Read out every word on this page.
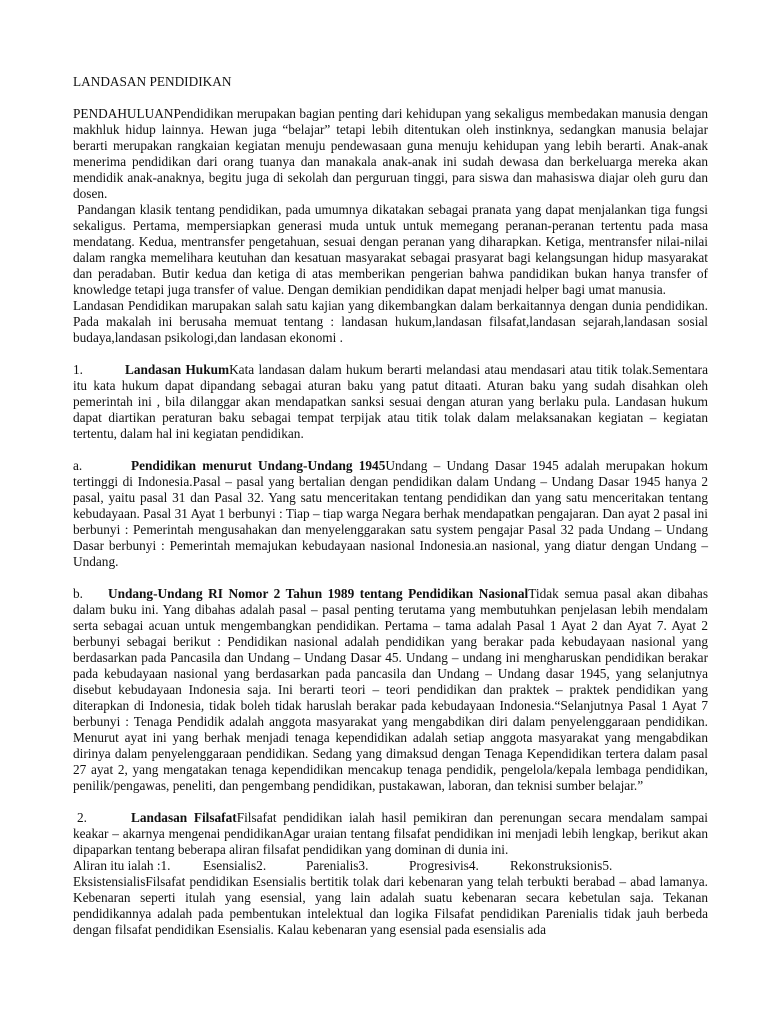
LANDASAN PENDIDIKAN

PENDAHULUANPendidikan merupakan bagian penting dari kehidupan yang sekaligus membedakan manusia dengan makhluk hidup lainnya. Hewan juga “belajar” tetapi lebih ditentukan oleh instinknya, sedangkan manusia belajar berarti merupakan rangkaian kegiatan menuju pendewasaan guna menuju kehidupan yang lebih berarti. Anak-anak menerima pendidikan dari orang tuanya dan manakala anak-anak ini sudah dewasa dan berkeluarga mereka akan mendidik anak-anaknya, begitu juga di sekolah dan perguruan tinggi, para siswa dan mahasiswa diajar oleh guru dan dosen.

Pandangan klasik tentang pendidikan, pada umumnya dikatakan sebagai pranata yang dapat menjalankan tiga fungsi sekaligus. Pertama, mempersiapkan generasi muda untuk untuk memegang peranan-peranan tertentu pada masa mendatang. Kedua, mentransfer pengetahuan, sesuai dengan peranan yang diharapkan. Ketiga, mentransfer nilai-nilai dalam rangka memelihara keutuhan dan kesatuan masyarakat sebagai prasyarat bagi kelangsungan hidup masyarakat dan peradaban. Butir kedua dan ketiga di atas memberikan pengerian bahwa pandidikan bukan hanya transfer of knowledge tetapi juga transfer of value. Dengan demikian pendidikan dapat menjadi helper bagi umat manusia.

Landasan Pendidikan marupakan salah satu kajian yang dikembangkan dalam berkaitannya dengan dunia pendidikan. Pada makalah ini berusaha memuat tentang : landasan hukum,landasan filsafat,landasan sejarah,landasan sosial budaya,landasan psikologi,dan landasan ekonomi .

1.	Landasan HukumKata landasan dalam hukum berarti melandasi atau mendasari atau titik tolak.Sementara itu kata hukum dapat dipandang sebagai aturan baku yang patut ditaati. Aturan baku yang sudah disahkan oleh pemerintah ini , bila dilanggar akan mendapatkan sanksi sesuai dengan aturan yang berlaku pula. Landasan hukum dapat diartikan peraturan baku sebagai tempat terpijak atau titik tolak dalam melaksanakan kegiatan – kegiatan tertentu, dalam hal ini kegiatan pendidikan.

a.	Pendidikan menurut Undang-Undang 1945Undang – Undang Dasar 1945 adalah merupakan hokum tertinggi di Indonesia.Pasal – pasal yang bertalian dengan pendidikan dalam Undang – Undang Dasar 1945 hanya 2 pasal, yaitu pasal 31 dan Pasal 32. Yang satu menceritakan tentang pendidikan dan yang satu menceritakan tentang kebudayaan. Pasal 31 Ayat 1 berbunyi : Tiap – tiap warga Negara berhak mendapatkan pengajaran. Dan ayat 2 pasal ini berbunyi : Pemerintah mengusahakan dan menyelenggarakan satu system pengajar Pasal 32 pada Undang – Undang Dasar berbunyi : Pemerintah memajukan kebudayaan nasional Indonesia.an nasional, yang diatur dengan Undang – Undang.

b. Undang-Undang RI Nomor 2 Tahun 1989 tentang Pendidikan NasionalTidak semua pasal akan dibahas dalam buku ini. Yang dibahas adalah pasal – pasal penting terutama yang membutuhkan penjelasan lebih mendalam serta sebagai acuan untuk mengembangkan pendidikan. Pertama – tama adalah Pasal 1 Ayat 2 dan Ayat 7. Ayat 2 berbunyi sebagai berikut : Pendidikan nasional adalah pendidikan yang berakar pada kebudayaan nasional yang berdasarkan pada Pancasila dan Undang – Undang Dasar 45. Undang – undang ini mengharuskan pendidikan berakar pada kebudayaan nasional yang berdasarkan pada pancasila dan Undang – Undang dasar 1945, yang selanjutnya disebut kebudayaan Indonesia saja. Ini berarti teori – teori pendidikan dan praktek – praktek pendidikan yang diterapkan di Indonesia, tidak boleh tidak haruslah berakar pada kebudayaan Indonesia.“Selanjutnya Pasal 1 Ayat 7 berbunyi : Tenaga Pendidik adalah anggota masyarakat yang mengabdikan diri dalam penyelenggaraan pendidikan. Menurut ayat ini yang berhak menjadi tenaga kependidikan adalah setiap anggota masyarakat yang mengabdikan dirinya dalam penyelenggaraan pendidikan. Sedang yang dimaksud dengan Tenaga Kependidikan tertera dalam pasal 27 ayat 2, yang mengatakan tenaga kependidikan mencakup tenaga pendidik, pengelola/kepala lembaga pendidikan, penilik/pengawas, peneliti, dan pengembang pendidikan, pustakawan, laboran, dan teknisi sumber belajar.”

2.	Landasan FilsafatFilsafat pendidikan ialah hasil pemikiran dan perenungan secara mendalam sampai keakar – akarnya mengenai pendidikanAgar uraian tentang filsafat pendidikan ini menjadi lebih lengkap, berikut akan dipaparkan tentang beberapa aliran filsafat pendidikan yang dominan di dunia ini.

Aliran itu ialah :1. Esensialis2.	Parenialis3.	Progresivis4. Rekonstruksionis5.

EksistensialisFilsafat pendidikan Esensialis bertitik tolak dari kebenaran yang telah terbukti berabad – abad lamanya. Kebenaran seperti itulah yang esensial, yang lain adalah suatu kebenaran secara kebetulan saja. Tekanan pendidikannya adalah pada pembentukan intelektual dan logika Filsafat pendidikan Parenialis tidak jauh berbeda dengan filsafat pendidikan Esensialis. Kalau kebenaran yang esensial pada esensialis ada
